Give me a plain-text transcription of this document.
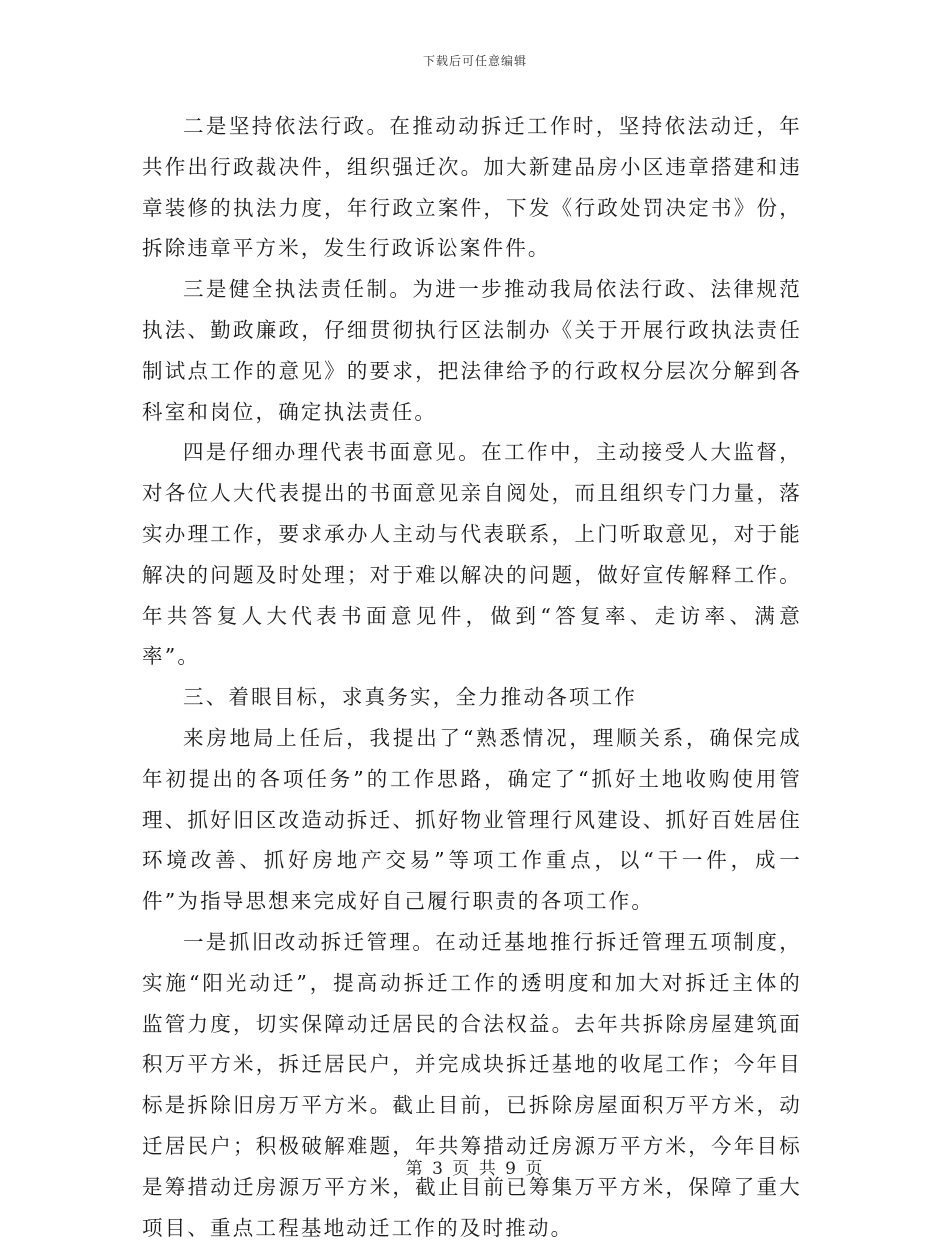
下载后可任意编辑

二是坚持依法行政。在推动动拆迁工作时，坚持依法动迁，年共作出行政裁决件，组织强迁次。加大新建品房小区违章搭建和违章装修的执法力度，年行政立案件，下发《行政处罚决定书》份，拆除违章平方米，发生行政诉讼案件件。

三是健全执法责任制。为进一步推动我局依法行政、法律规范执法、勤政廉政，仔细贯彻执行区法制办《关于开展行政执法责任制试点工作的意见》的要求，把法律给予的行政权分层次分解到各科室和岗位，确定执法责任。

四是仔细办理代表书面意见。在工作中，主动接受人大监督，对各位人大代表提出的书面意见亲自阅处，而且组织专门力量，落实办理工作，要求承办人主动与代表联系，上门听取意见，对于能解决的问题及时处理；对于难以解决的问题，做好宣传解释工作。年共答复人大代表书面意见件，做到“答复率、走访率、满意率”。

三、着眼目标，求真务实，全力推动各项工作

来房地局上任后，我提出了“熟悉情况，理顺关系，确保完成年初提出的各项任务”的工作思路，确定了“抓好土地收购使用管理、抓好旧区改造动拆迁、抓好物业管理行风建设、抓好百姓居住环境改善、抓好房地产交易”等项工作重点，以“干一件，成一件”为指导思想来完成好自己履行职责的各项工作。

一是抓旧改动拆迁管理。在动迁基地推行拆迁管理五项制度，实施“阳光动迁”，提高动拆迁工作的透明度和加大对拆迁主体的监管力度，切实保障动迁居民的合法权益。去年共拆除房屋建筑面积万平方米，拆迁居民户，并完成块拆迁基地的收尾工作；今年目标是拆除旧房万平方米。截止目前，已拆除房屋面积万平方米，动迁居民户；积极破解难题，年共筹措动迁房源万平方米，今年目标是筹措动迁房源万平方米，截止目前已筹集万平方米，保障了重大项目、重点工程基地动迁工作的及时推动。

第 3 页 共 9 页
